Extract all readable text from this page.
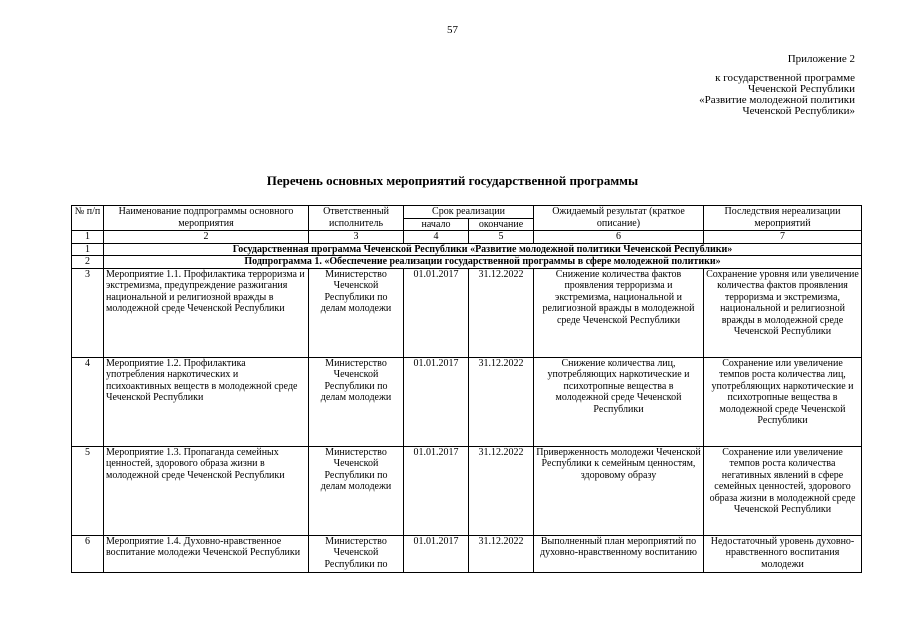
57
Приложение 2
к государственной программе
Чеченской Республики
«Развитие молодежной политики
Чеченской Республики»
Перечень основных мероприятий государственной программы
№ п/п	Наименование подпрограммы основного мероприятия	Ответственный исполнитель	Срок реализации		Ожидаемый результат (краткое описание)	Последствия нереализации мероприятий
			начало	окончание		
1	2	3	4	5	6	7
1	Государственная программа Чеченской Республики «Развитие молодежной политики Чеченской Республики»					
2	Подпрограмма 1. «Обеспечение реализации государственной программы в сфере молодежной политики»					
3	Мероприятие 1.1. Профилактика терроризма и экстремизма, предупреждение разжигания национальной и религиозной вражды в молодежной среде Чеченской Республики	Министерство Чеченской Республики по делам молодежи	01.01.2017	31.12.2022	Снижение количества фактов проявления терроризма и экстремизма, национальной и религиозной вражды в молодежной среде Чеченской Республики	Сохранение уровня или увеличение количества фактов проявления терроризма и экстремизма, национальной и религиозной вражды в молодежной среде Чеченской Республики
4	Мероприятие 1.2. Профилактика употребления наркотических и психоактивных веществ в молодежной среде Чеченской Республики	Министерство Чеченской Республики по делам молодежи	01.01.2017	31.12.2022	Снижение количества лиц, употребляющих наркотические и психотропные вещества в молодежной среде Чеченской Республики	Сохранение или увеличение темпов роста количества лиц, употребляющих наркотические и психотропные вещества в молодежной среде Чеченской Республики
5	Мероприятие 1.3. Пропаганда семейных ценностей, здорового образа жизни в молодежной среде Чеченской Республики	Министерство Чеченской Республики по делам молодежи	01.01.2017	31.12.2022	Приверженность молодежи Чеченской Республики к семейным ценностям, здоровому образу	Сохранение или увеличение темпов роста количества негативных явлений в сфере семейных ценностей, здорового образа жизни в молодежной среде Чеченской Республики
6	Мероприятие 1.4. Духовно-нравственное воспитание молодежи Чеченской Республики	Министерство Чеченской Республики по	01.01.2017	31.12.2022	Выполненный план мероприятий по духовно-нравственному воспитанию	Недостаточный уровень духовно-нравственного воспитания молодежи
